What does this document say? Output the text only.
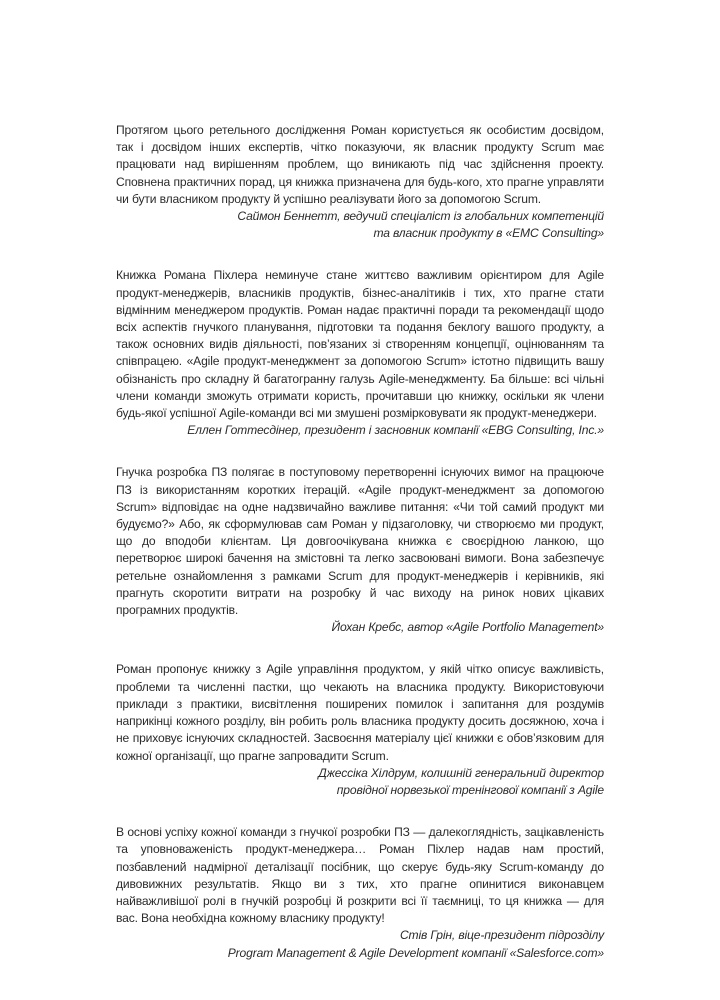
Протягом цього ретельного дослідження Роман користується як особистим досвідом, так і досвідом інших експертів, чітко показуючи, як власник продукту Scrum має працювати над вирішенням проблем, що виникають під час здійснення проекту. Сповнена практичних порад, ця книжка призначена для будь-кого, хто прагне управляти чи бути власником продукту й успішно реалізувати його за допомогою Scrum.

Саймон Беннетт, ведучий спеціаліст із глобальних компетенцій

та власник продукту в «EMC Consulting»

Книжка Романа Піхлера неминуче стане життєво важливим орієнтиром для Agile продукт-менеджерів, власників продуктів, бізнес-аналітиків і тих, хто прагне стати відмінним менеджером продуктів. Роман надає практичні поради та рекомендації щодо всіх аспектів гнучкого планування, підготовки та подання беклогу вашого продукту, а також основних видів діяльності, пов’язаних зі створенням концепції, оцінюванням та співпрацею. «Agile продукт-менеджмент за допомогою Scrum» істотно підвищить вашу обізнаність про складну й багатогранну галузь Agile-менеджменту. Ба більше: всі чільні члени команди зможуть отримати користь, прочитавши цю книжку, оскільки як члени будь-якої успішної Agile-команди всі ми змушені розмірковувати як продукт-менеджери.

Еллен Готтесдінер, президент і засновник компанії «EBG Consulting, Inc.»

Гнучка розробка ПЗ полягає в поступовому перетворенні існуючих вимог на працююче ПЗ із використанням коротких ітерацій. «Agile продукт-менеджмент за допомогою Scrum» відповідає на одне надзвичайно важливе питання: «Чи той самий продукт ми будуємо?» Або, як сформулював сам Роман у підзаголовку, чи створюємо ми продукт, що до вподоби клієнтам. Ця довгоочікувана книжка є своєрідною ланкою, що перетворює широкі бачення на змістовні та легко засвоювані вимоги. Вона забезпечує ретельне ознайомлення з рамками Scrum для продукт-менеджерів і керівників, які прагнуть скоротити витрати на розробку й час виходу на ринок нових цікавих програмних продуктів.

Йохан Кребс, автор «Agile Portfolio Management»

Роман пропонує книжку з Agile управління продуктом, у якій чітко описує важливість, проблеми та численні пастки, що чекають на власника продукту. Використовуючи приклади з практики, висвітлення поширених помилок і запитання для роздумів наприкінці кожного розділу, він робить роль власника продукту досить досяжною, хоча і не приховує існуючих складностей. Засвоєння матеріалу цієї книжки є обов’язковим для кожної організації, що прагне запровадити Scrum.

Джессіка Хілдрум, колишній генеральний директор

провідної норвезької тренінгової компанії з Agile

В основі успіху кожної команди з гнучкої розробки ПЗ — далекоглядність, зацікавленість та уповноваженість продукт-менеджера… Роман Піхлер надав нам простий, позбавлений надмірної деталізації посібник, що скерує будь-яку Scrum-команду до дивовижних результатів. Якщо ви з тих, хто прагне опинитися виконавцем найважливішої ролі в гнучкій розробці й розкрити всі її таємниці, то ця книжка — для вас. Вона необхідна кожному власнику продукту!

Стів Грін, віце-президент підрозділу

Program Management & Agile Development компанії «Salesforce.com»
